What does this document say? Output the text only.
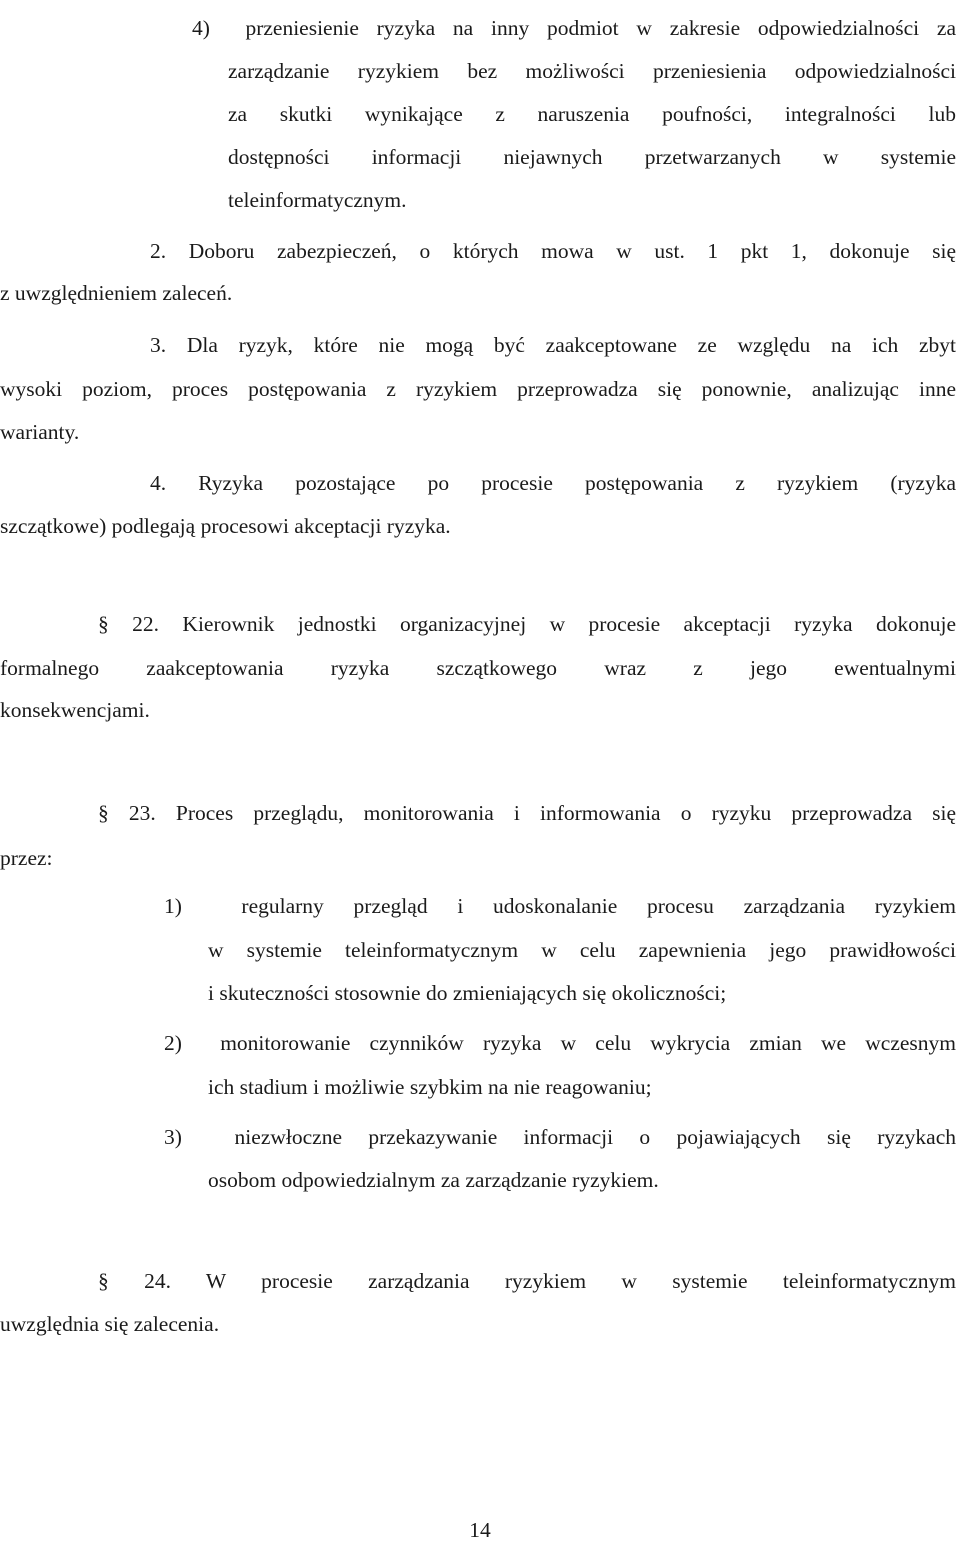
4)  przeniesienie ryzyka na inny podmiot w zakresie odpowiedzialności za
zarządzanie ryzykiem bez możliwości przeniesienia odpowiedzialności
za skutki wynikające z naruszenia poufności, integralności lub
dostępności informacji niejawnych przetwarzanych w systemie
teleinformatycznym.
2. Doboru zabezpieczeń, o których mowa w ust. 1 pkt 1, dokonuje się
z uwzględnieniem zaleceń.
3. Dla ryzyk, które nie mogą być zaakceptowane ze względu na ich zbyt
wysoki poziom, proces postępowania z ryzykiem przeprowadza się ponownie, analizując inne
warianty.
4. Ryzyka pozostające po procesie postępowania z ryzykiem (ryzyka
szczątkowe) podlegają procesowi akceptacji ryzyka.
§ 22. Kierownik jednostki organizacyjnej w procesie akceptacji ryzyka dokonuje
formalnego zaakceptowania ryzyka szczątkowego wraz z jego ewentualnymi
konsekwencjami.
§ 23. Proces przeglądu, monitorowania i informowania o ryzyku przeprowadza się
przez:
1)  regularny przegląd i udoskonalanie procesu zarządzania ryzykiem
w systemie teleinformatycznym w celu zapewnienia jego prawidłowości
i skuteczności stosownie do zmieniających się okoliczności;
2)  monitorowanie czynników ryzyka w celu wykrycia zmian we wczesnym
ich stadium i możliwie szybkim na nie reagowaniu;
3)  niezwłoczne przekazywanie informacji o pojawiających się ryzykach
osobom odpowiedzialnym za zarządzanie ryzykiem.
§ 24. W procesie zarządzania ryzykiem w systemie teleinformatycznym
uwzględnia się zalecenia.
14
